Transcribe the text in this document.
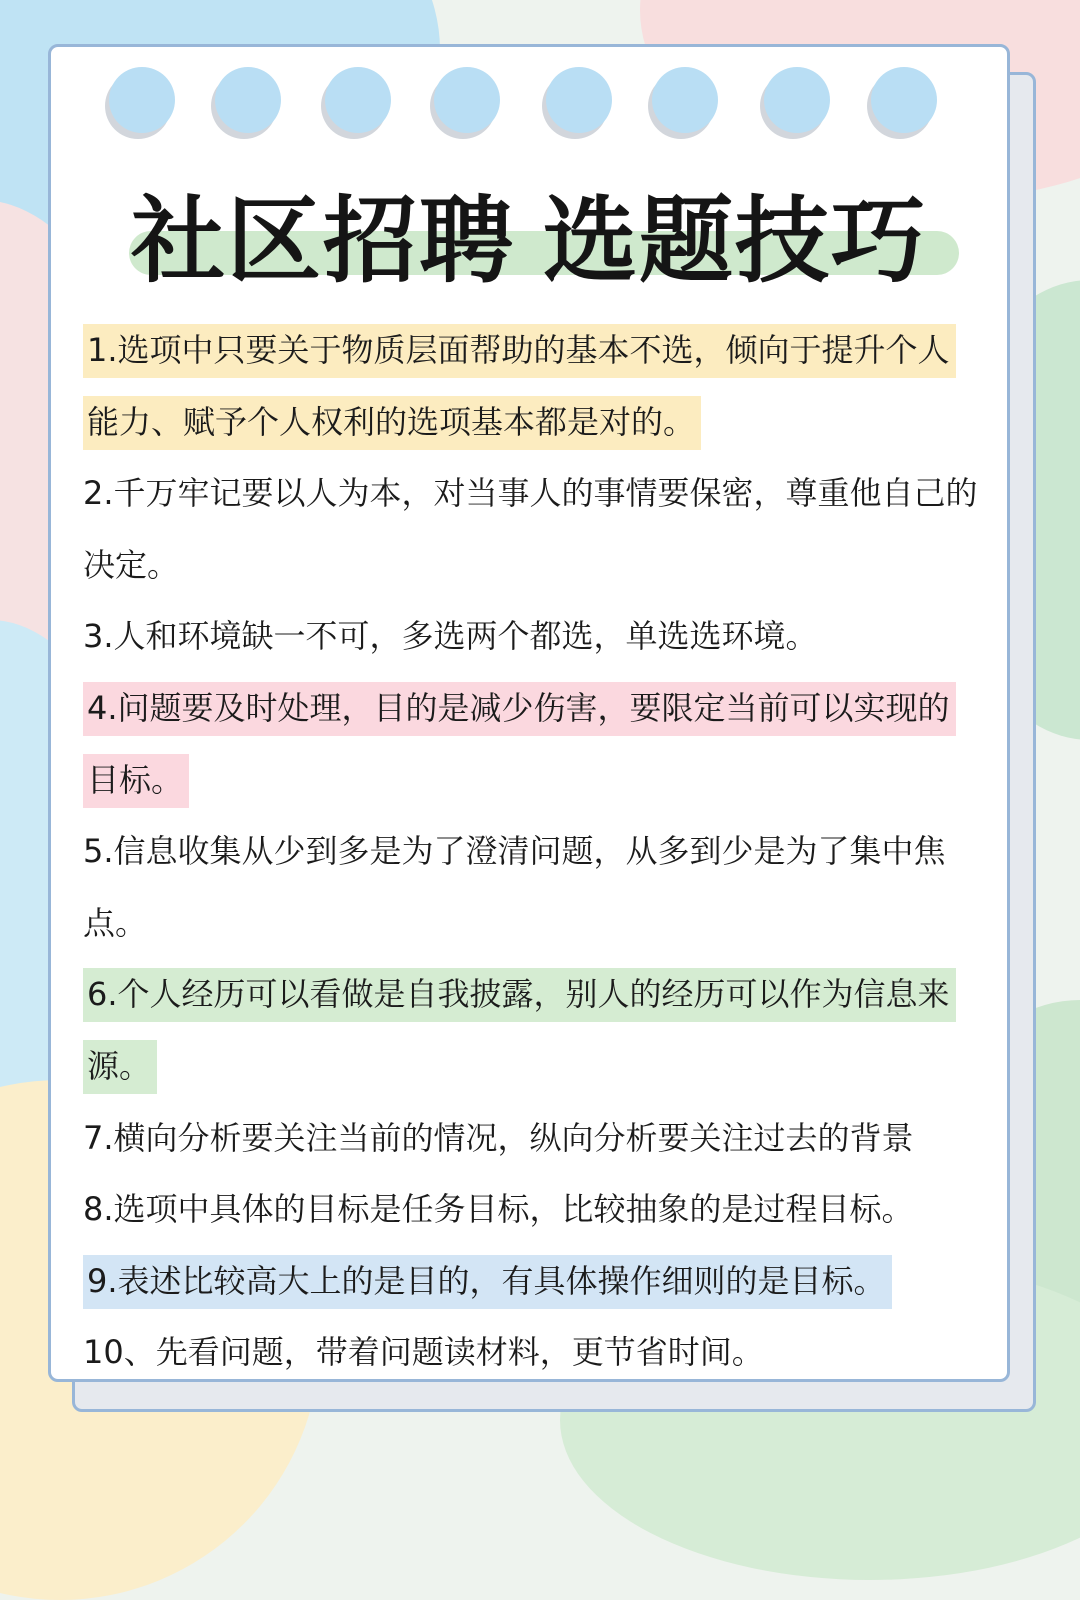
社区招聘 选题技巧
1.选项中只要关于物质层面帮助的基本不选，倾向于提升个人能力、赋予个人权利的选项基本都是对的。
2.千万牢记要以人为本，对当事人的事情要保密，尊重他自己的决定。
3.人和环境缺一不可，多选两个都选，单选选环境。
4.问题要及时处理，目的是减少伤害，要限定当前可以实现的目标。
5.信息收集从少到多是为了澄清问题，从多到少是为了集中焦点。
6.个人经历可以看做是自我披露，别人的经历可以作为信息来源。
7.横向分析要关注当前的情况，纵向分析要关注过去的背景
8.选项中具体的目标是任务目标，比较抽象的是过程目标。
9.表述比较高大上的是目的，有具体操作细则的是目标。
10、先看问题，带着问题读材料，更节省时间。
